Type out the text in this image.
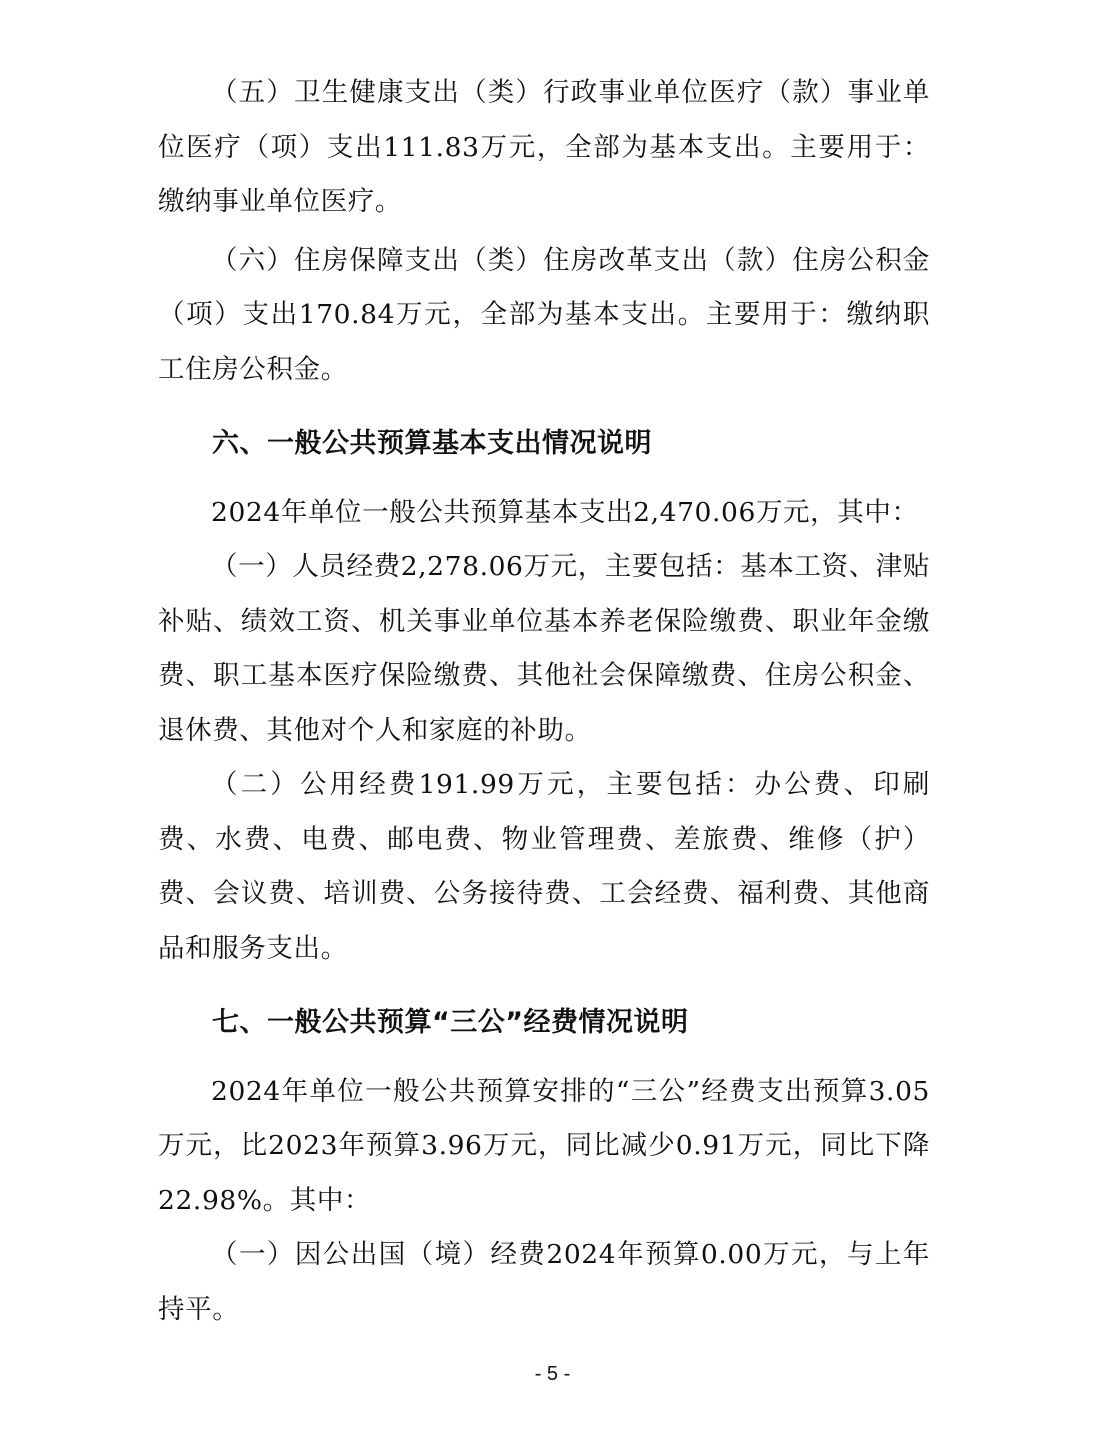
（五）卫生健康支出（类）行政事业单位医疗（款）事业单位医疗（项）支出111.83万元，全部为基本支出。主要用于：缴纳事业单位医疗。

（六）住房保障支出（类）住房改革支出（款）住房公积金（项）支出170.84万元，全部为基本支出。主要用于：缴纳职工住房公积金。

六、一般公共预算基本支出情况说明

2024年单位一般公共预算基本支出2,470.06万元，其中：

（一）人员经费2,278.06万元，主要包括：基本工资、津贴补贴、绩效工资、机关事业单位基本养老保险缴费、职业年金缴费、职工基本医疗保险缴费、其他社会保障缴费、住房公积金、退休费、其他对个人和家庭的补助。

（二）公用经费191.99万元，主要包括：办公费、印刷费、水费、电费、邮电费、物业管理费、差旅费、维修（护）费、会议费、培训费、公务接待费、工会经费、福利费、其他商品和服务支出。

七、一般公共预算“三公”经费情况说明

2024年单位一般公共预算安排的“三公”经费支出预算3.05万元，比2023年预算3.96万元，同比减少0.91万元，同比下降22.98%。其中：

（一）因公出国（境）经费2024年预算0.00万元，与上年持平。

- 5 -
